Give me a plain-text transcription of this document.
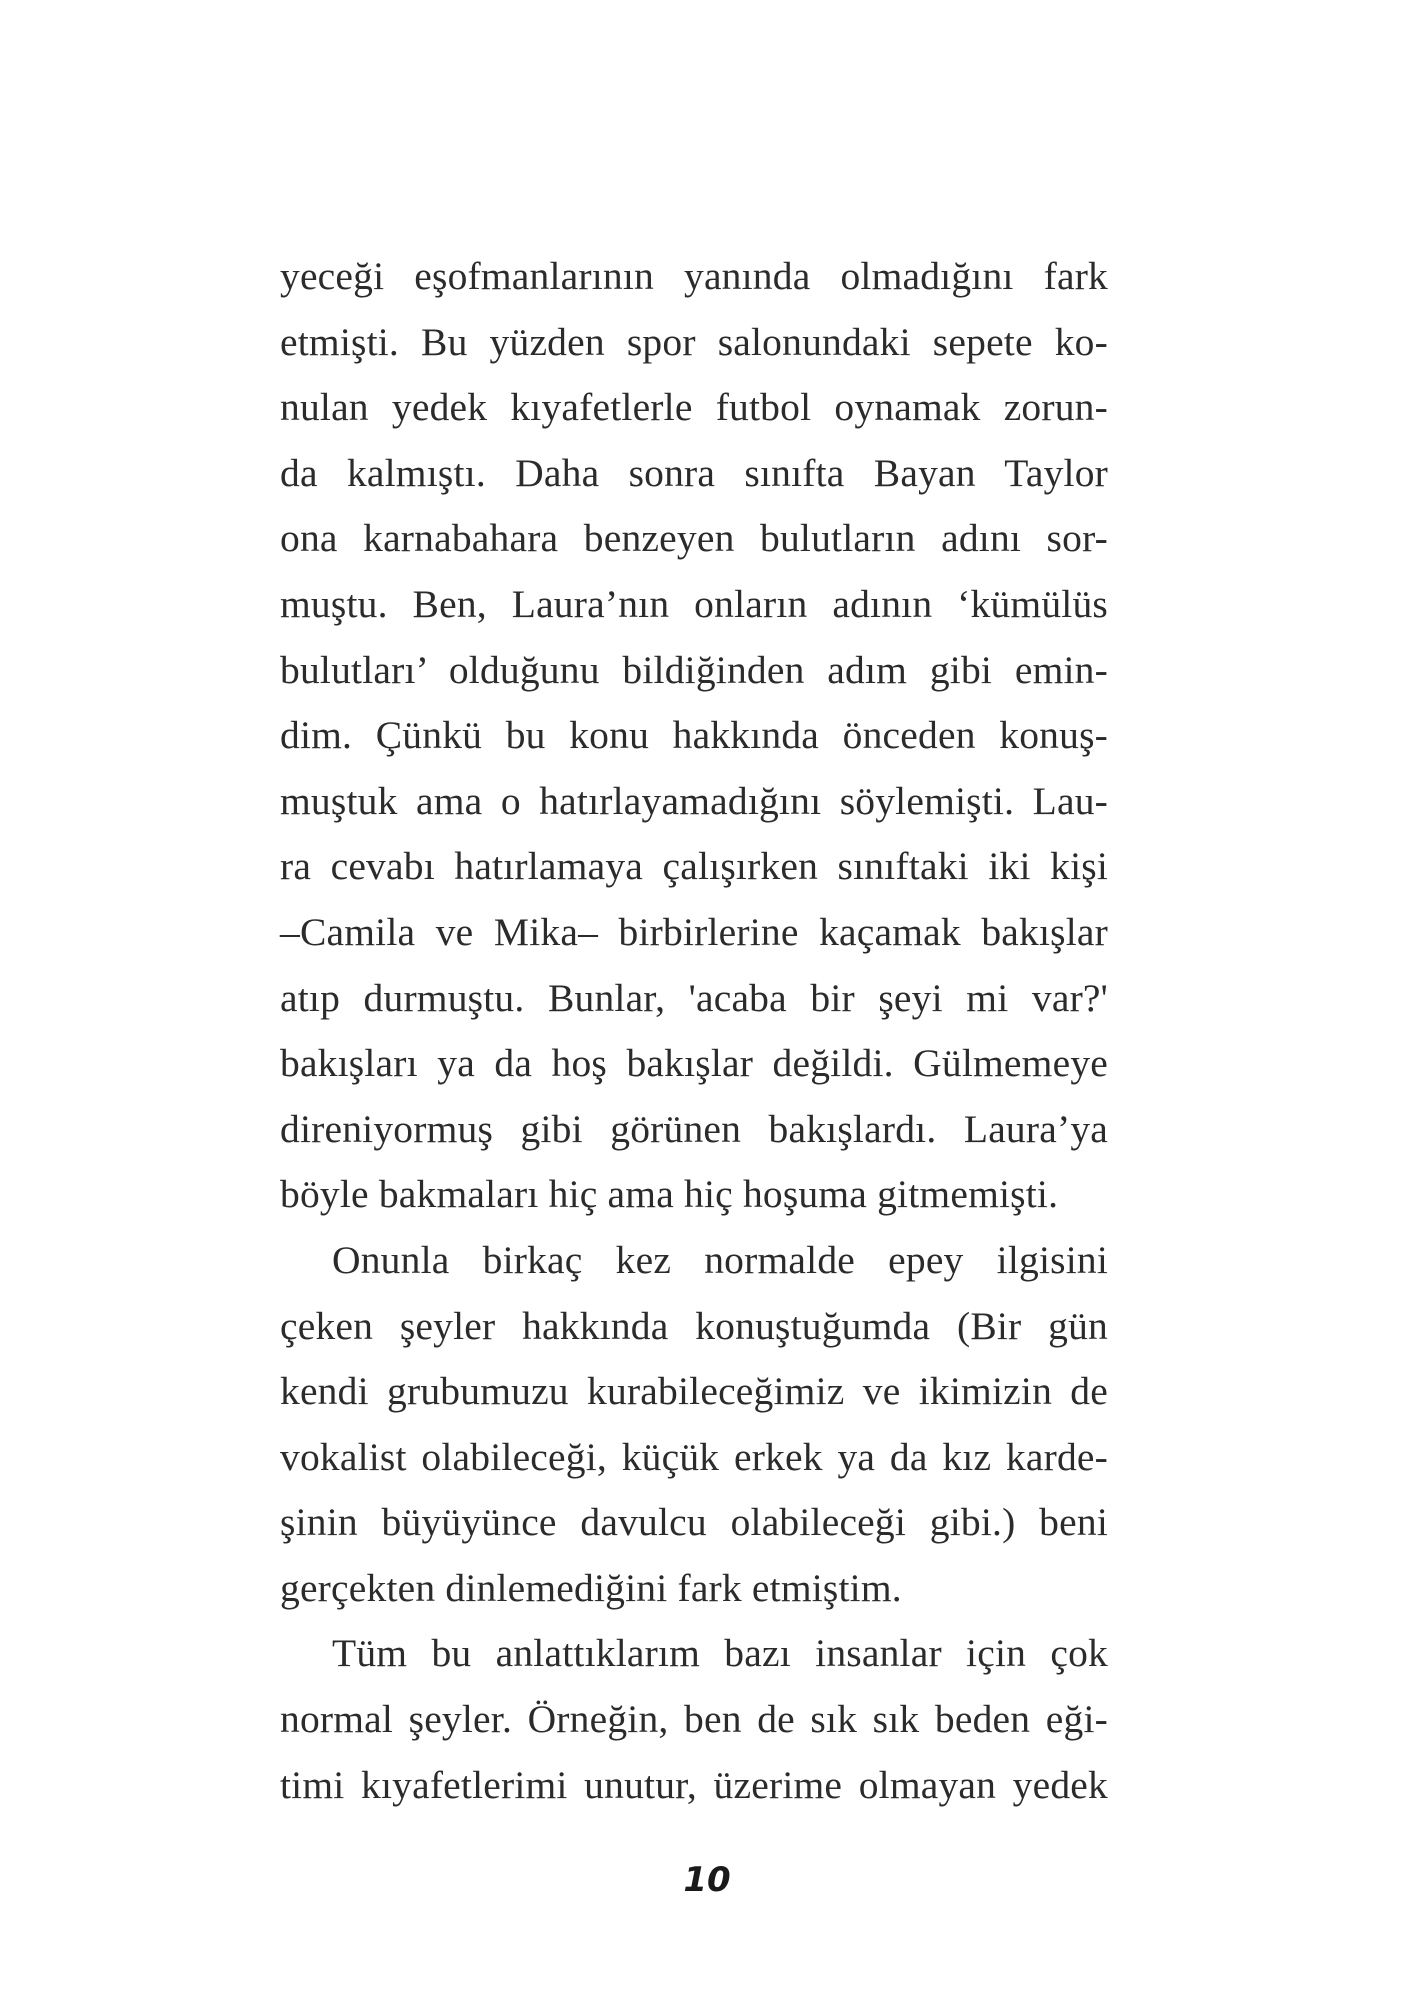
yeceği eşofmanlarının yanında olmadığını fark
etmişti. Bu yüzden spor salonundaki sepete ko-
nulan yedek kıyafetlerle futbol oynamak zorun-
da kalmıştı. Daha sonra sınıfta Bayan Taylor
ona karnabahara benzeyen bulutların adını sor-
muştu. Ben, Laura’nın onların adının ‘kümülüs
bulutları’ olduğunu bildiğinden adım gibi emin-
dim. Çünkü bu konu hakkında önceden konuş-
muştuk ama o hatırlayamadığını söylemişti. Lau-
ra cevabı hatırlamaya çalışırken sınıftaki iki kişi
–Camila ve Mika– birbirlerine kaçamak bakışlar
atıp durmuştu. Bunlar, 'acaba bir şeyi mi var?'
bakışları ya da hoş bakışlar değildi. Gülmemeye
direniyormuş gibi görünen bakışlardı. Laura’ya
böyle bakmaları hiç ama hiç hoşuma gitmemişti.
Onunla birkaç kez normalde epey ilgisini
çeken şeyler hakkında konuştuğumda (Bir gün
kendi grubumuzu kurabileceğimiz ve ikimizin de
vokalist olabileceği, küçük erkek ya da kız karde-
şinin büyüyünce davulcu olabileceği gibi.) beni
gerçekten dinlemediğini fark etmiştim.
Tüm bu anlattıklarım bazı insanlar için çok
normal şeyler. Örneğin, ben de sık sık beden eği-
timi kıyafetlerimi unutur, üzerime olmayan yedek
10
